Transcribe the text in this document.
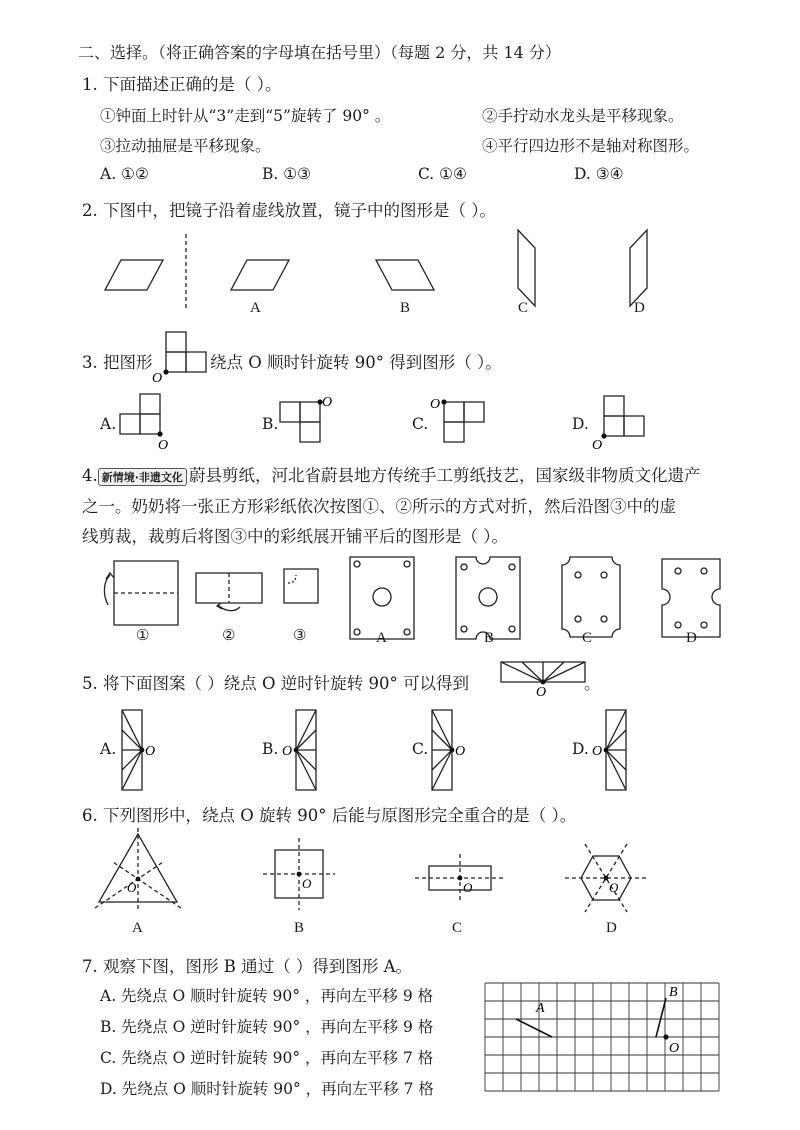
二、选择。（将正确答案的字母填在括号里）（每题 2 分，共 14 分）
1. 下面描述正确的是（ ）。
①钟面上时针从“3”走到“5”旋转了 90° 。	②手拧动水龙头是平移现象。
③拉动抽屉是平移现象。	④平行四边形不是轴对称图形。
A. ①②	B. ①③	C. ①④	D. ③④
2. 下图中，把镜子沿着虚线放置，镜子中的图形是（ ）。
A	B	C	D
3. 把图形
O
绕点 O 顺时针旋转 90° 得到图形（ ）。
A.
O
B.
O
C.
O
D.
O
4. 新情境·非遗文化 蔚县剪纸，河北省蔚县地方传统手工剪纸技艺，国家级非物质文化遗产
之一。奶奶将一张正方形彩纸依次按图①、②所示的方式对折，然后沿图③中的虚
线剪裁，裁剪后将图③中的彩纸展开铺平后的图形是（ ）。
①	②	③	A	B	C	D
5. 将下面图案（ ）绕点 O 逆时针旋转 90° 可以得到	O 。
A. O	B. O	C. O	D. O
6. 下列图形中，绕点 O 旋转 90° 后能与原图形完全重合的是（ ）。
O	O	O	O
A	B	C	D
7. 观察下图，图形 B 通过（ ）得到图形 A。
A. 先绕点 O 顺时针旋转 90° ，再向左平移 9 格
B. 先绕点 O 逆时针旋转 90° ，再向左平移 9 格
C. 先绕点 O 逆时针旋转 90° ，再向左平移 7 格
D. 先绕点 O 顺时针旋转 90° ，再向左平移 7 格
A
B
O
